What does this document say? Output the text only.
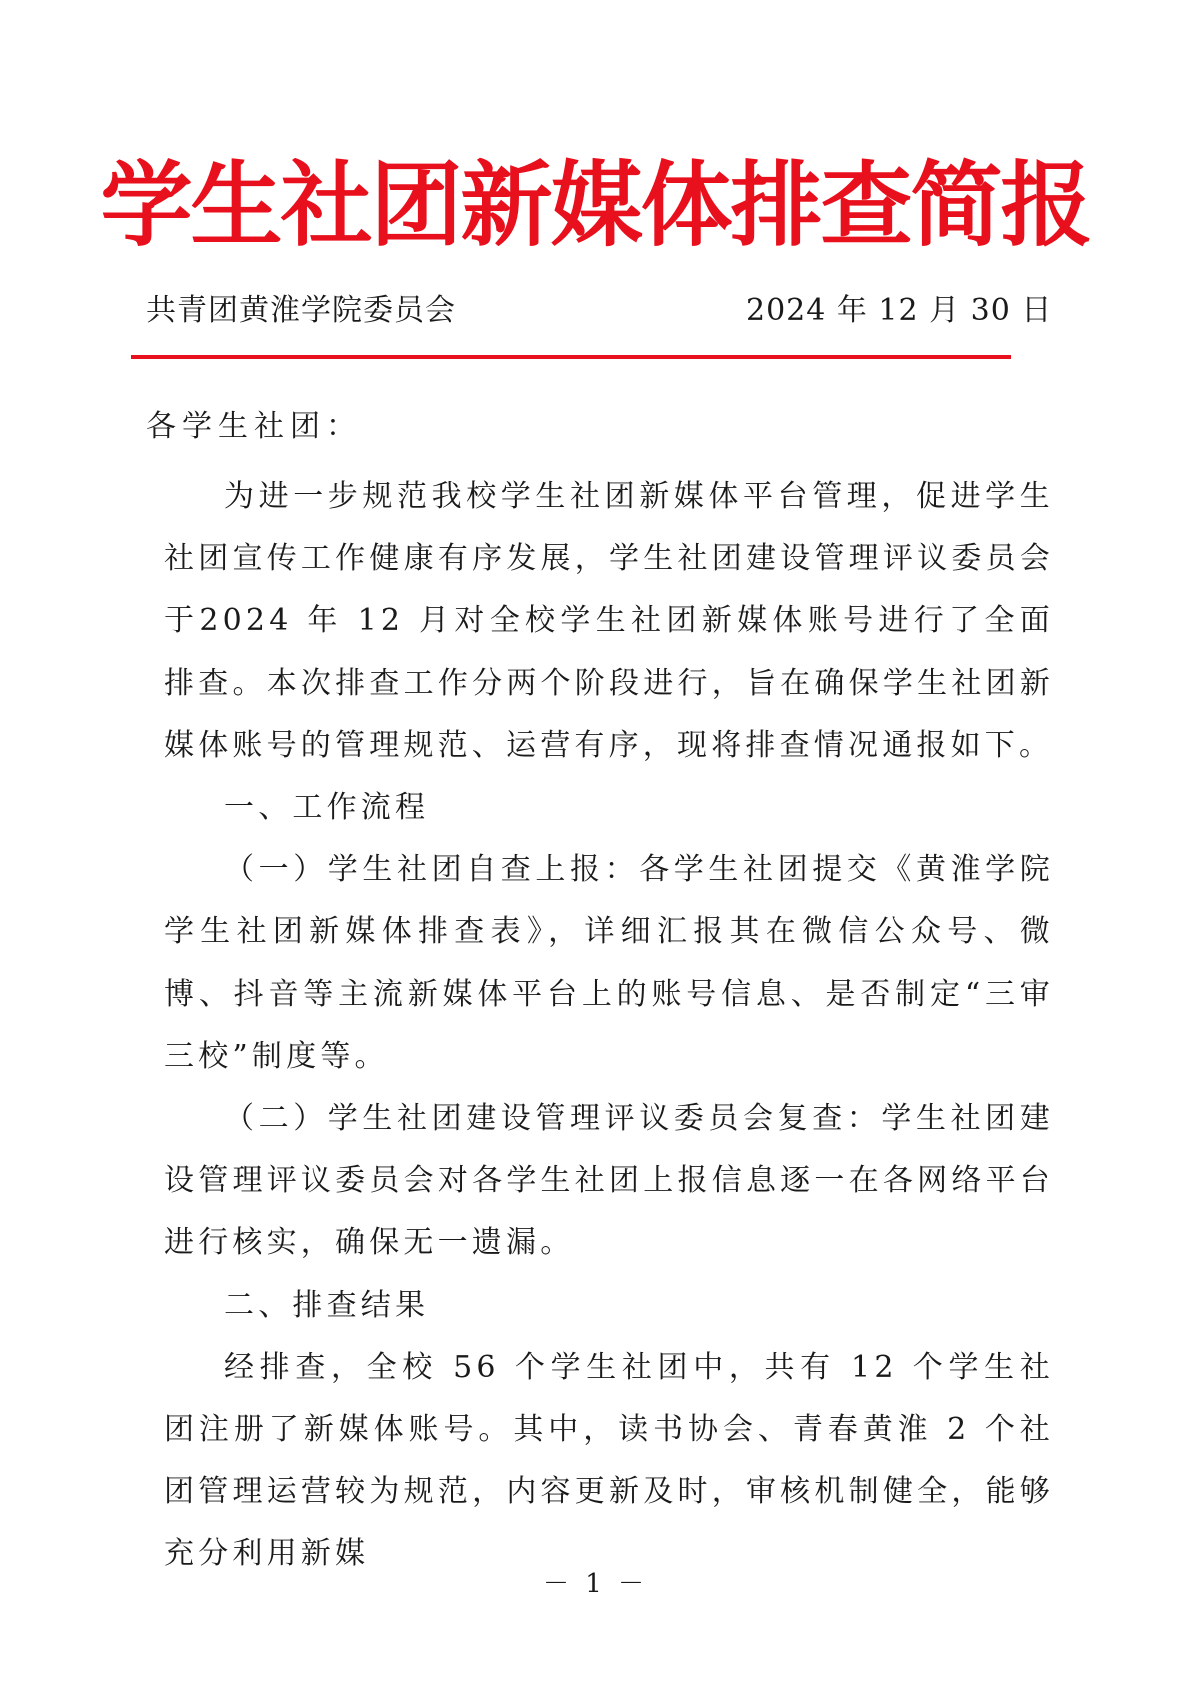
学生社团新媒体排查简报
共青团黄淮学院委员会	2024 年 12 月 30 日
各学生社团：

为进一步规范我校学生社团新媒体平台管理，促进学生社团宣传工作健康有序发展，学生社团建设管理评议委员会于2024 年 12 月对全校学生社团新媒体账号进行了全面排查。本次排查工作分两个阶段进行，旨在确保学生社团新媒体账号的管理规范、运营有序，现将排查情况通报如下。

一、工作流程

（一）学生社团自查上报：各学生社团提交《黄淮学院学生社团新媒体排查表》，详细汇报其在微信公众号、微博、抖音等主流新媒体平台上的账号信息、是否制定“三审三校”制度等。

（二）学生社团建设管理评议委员会复查：学生社团建设管理评议委员会对各学生社团上报信息逐一在各网络平台进行核实，确保无一遗漏。

二、排查结果

经排查，全校 56 个学生社团中，共有 12 个学生社团注册了新媒体账号。其中，读书协会、青春黄淮 2 个社团管理运营较为规范，内容更新及时，审核机制健全，能够充分利用新媒

－ 1 －
